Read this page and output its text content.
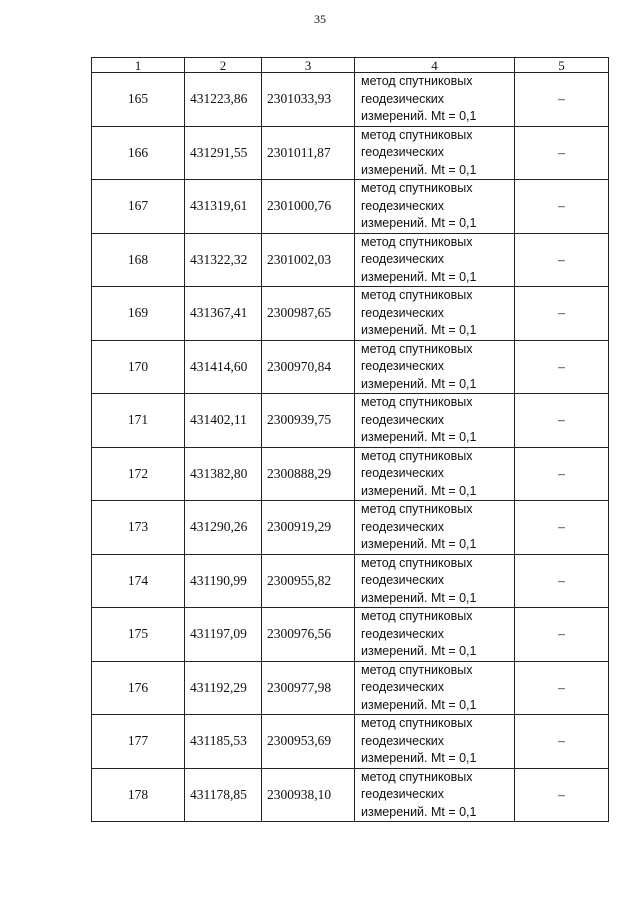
35
1	2	3	4	5
165	431223,86	2301033,93	метод спутниковых
геодезических
измерений. Mt = 0,1	–
166	431291,55	2301011,87	метод спутниковых
геодезических
измерений. Mt = 0,1	–
167	431319,61	2301000,76	метод спутниковых
геодезических
измерений. Mt = 0,1	–
168	431322,32	2301002,03	метод спутниковых
геодезических
измерений. Mt = 0,1	–
169	431367,41	2300987,65	метод спутниковых
геодезических
измерений. Mt = 0,1	–
170	431414,60	2300970,84	метод спутниковых
геодезических
измерений. Mt = 0,1	–
171	431402,11	2300939,75	метод спутниковых
геодезических
измерений. Mt = 0,1	–
172	431382,80	2300888,29	метод спутниковых
геодезических
измерений. Mt = 0,1	–
173	431290,26	2300919,29	метод спутниковых
геодезических
измерений. Mt = 0,1	–
174	431190,99	2300955,82	метод спутниковых
геодезических
измерений. Mt = 0,1	–
175	431197,09	2300976,56	метод спутниковых
геодезических
измерений. Mt = 0,1	–
176	431192,29	2300977,98	метод спутниковых
геодезических
измерений. Mt = 0,1	–
177	431185,53	2300953,69	метод спутниковых
геодезических
измерений. Mt = 0,1	–
178	431178,85	2300938,10	метод спутниковых
геодезических
измерений. Mt = 0,1	–
